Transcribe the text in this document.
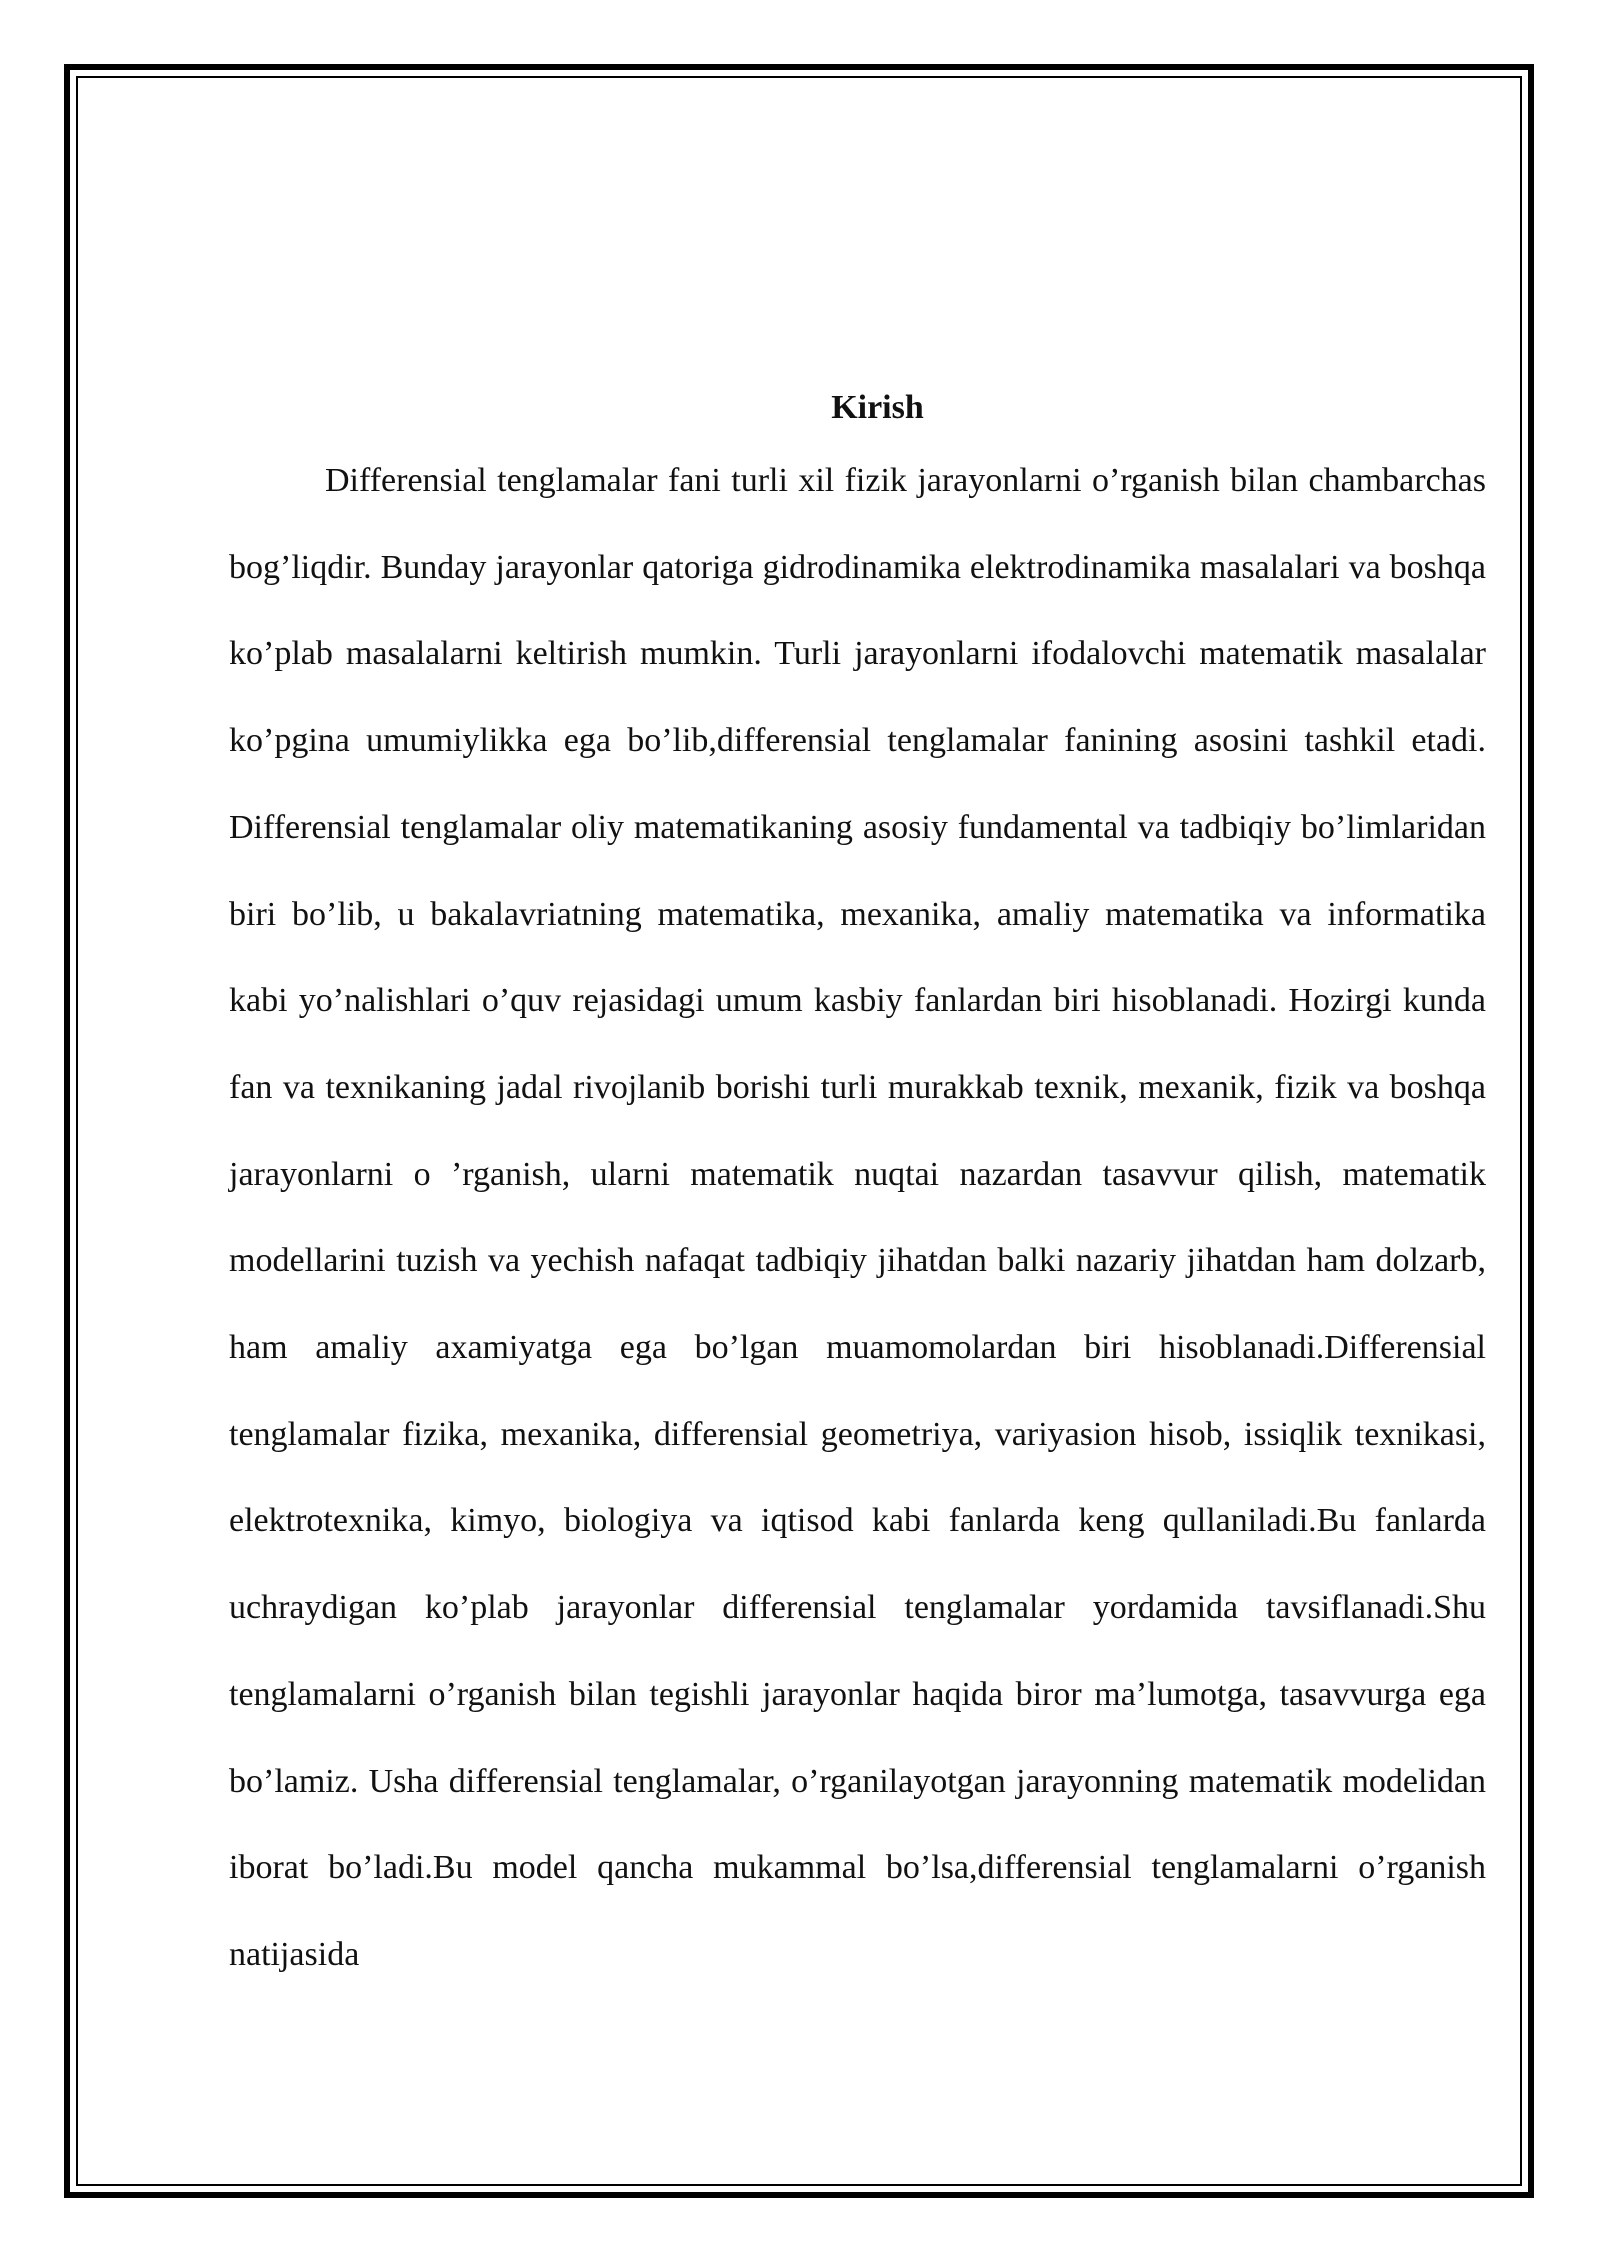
Kirish

Differensial tenglamalar fani turli xil fizik jarayonlarni o’rganish bilan chambarchas bog’liqdir. Bunday jarayonlar qatoriga gidrodinamika elektrodinamika masalalari va boshqa ko’plab masalalarni keltirish mumkin. Turli jarayonlarni ifodalovchi matematik masalalar ko’pgina umumiylikka ega bo’lib,differensial tenglamalar fanining asosini tashkil etadi. Differensial tenglamalar oliy matematikaning asosiy fundamental va tadbiqiy bo’limlaridan biri bo’lib, u bakalavriatning matematika, mexanika, amaliy matematika va informatika kabi yo’nalishlari o’quv rejasidagi umum kasbiy fanlardan biri hisoblanadi. Hozirgi kunda fan va texnikaning jadal rivojlanib borishi turli murakkab texnik, mexanik, fizik va boshqa jarayonlarni o ’rganish, ularni matematik nuqtai nazardan tasavvur qilish, matematik modellarini tuzish va yechish nafaqat tadbiqiy jihatdan balki nazariy jihatdan ham dolzarb, ham amaliy axamiyatga ega bo’lgan muamomolardan biri hisoblanadi.Differensial tenglamalar fizika, mexanika, differensial geometriya, variyasion hisob, issiqlik texnikasi, elektrotexnika, kimyo, biologiya va iqtisod kabi fanlarda keng qullaniladi.Bu fanlarda uchraydigan ko’plab jarayonlar differensial tenglamalar yordamida tavsiflanadi.Shu tenglamalarni o’rganish bilan tegishli jarayonlar haqida biror ma’lumotga, tasavvurga ega bo’lamiz. Usha differensial tenglamalar, o’rganilayotgan jarayonning matematik modelidan iborat bo’ladi.Bu model qancha mukammal bo’lsa,differensial tenglamalarni o’rganish natijasida
